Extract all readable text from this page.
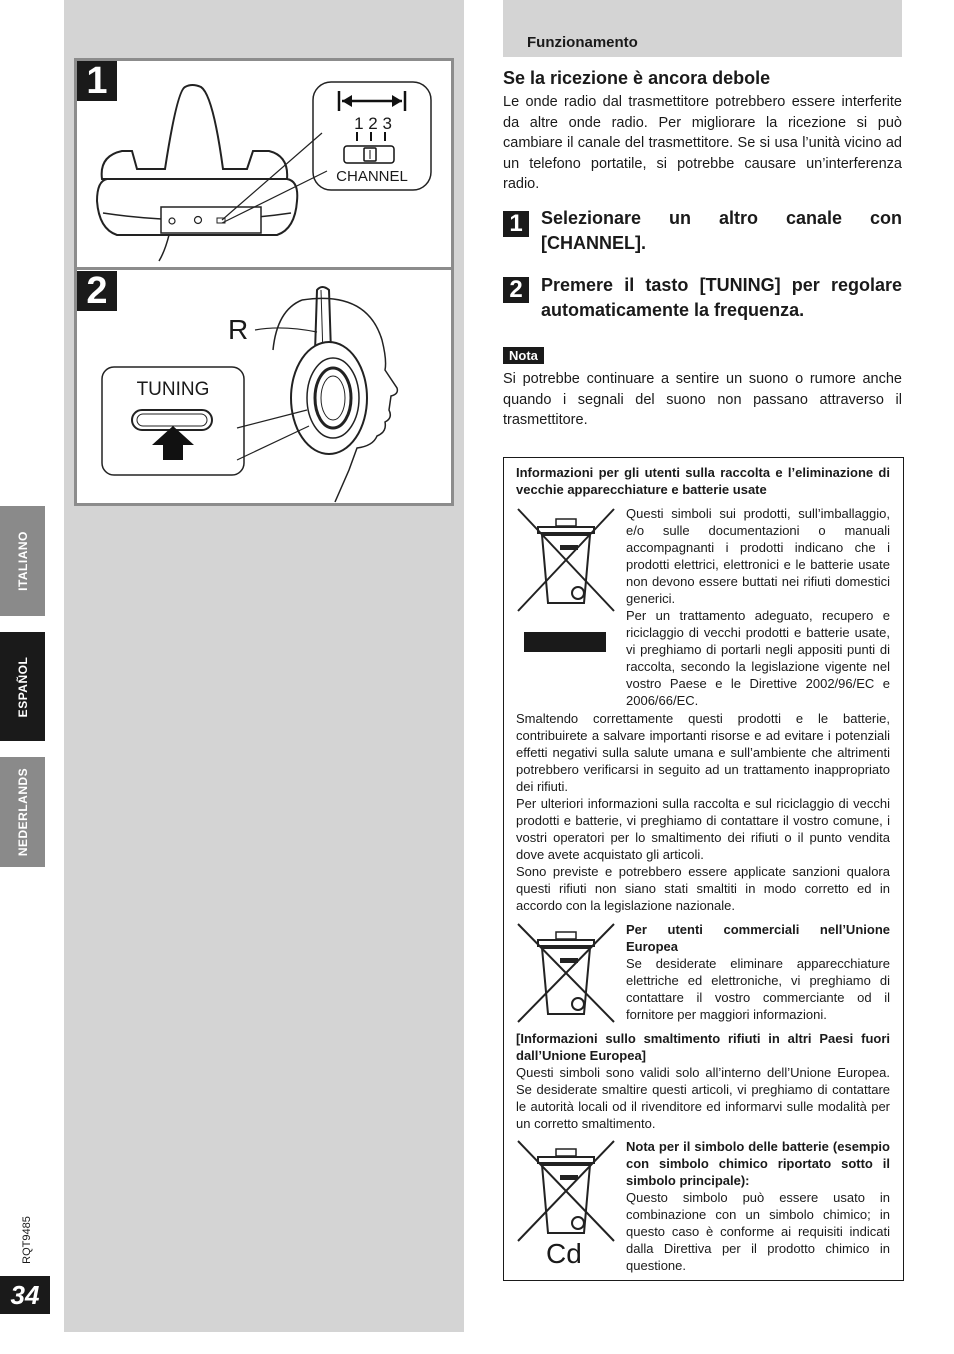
1
1 2 3
CHANNEL
2
R
TUNING
ITALIANO
ESPAÑOL
NEDERLANDS
RQT9485
34
Funzionamento
Se la ricezione è ancora debole
Le onde radio dal trasmettitore potrebbero essere interferite da altre onde radio. Per migliorare la ricezione si può cambiare il canale del trasmettitore. Se si usa l’unità vicino ad un telefono portatile, si potrebbe causare un’interferenza radio.
1	Selezionare un altro canale con [CHANNEL].
2	Premere il tasto [TUNING] per regolare automaticamente la frequenza.
Nota
Si potrebbe continuare a sentire un suono o rumore anche quando i segnali del suono non passano attraverso il trasmettitore.
Informazioni per gli utenti sulla raccolta e l’eliminazione di vecchie apparecchiature e batterie usate
Questi simboli sui prodotti, sull’imballaggio, e/o sulle documentazioni o manuali accompagnanti i prodotti indicano che i prodotti elettrici, elettronici e le batterie usate non devono essere buttati nei rifiuti domestici generici.
Per un trattamento adeguato, recupero e riciclaggio di vecchi prodotti e batterie usate, vi preghiamo di portarli negli appositi punti di raccolta, secondo la legislazione vigente nel vostro Paese e le Direttive 2002/96/EC e 2006/66/EC.
Smaltendo correttamente questi prodotti e le batterie, contribuirete a salvare importanti risorse e ad evitare i potenziali effetti negativi sulla salute umana e sull’ambiente che altrimenti potrebbero verificarsi in seguito ad un trattamento inappropriato dei rifiuti.
Per ulteriori informazioni sulla raccolta e sul riciclaggio di vecchi prodotti e batterie, vi preghiamo di contattare il vostro comune, i vostri operatori per lo smaltimento dei rifiuti o il punto vendita dove avete acquistato gli articoli.
Sono previste e potrebbero essere applicate sanzioni qualora questi rifiuti non siano stati smaltiti in modo corretto ed in accordo con la legislazione nazionale.
Per utenti commerciali nell’Unione Europea
Se desiderate eliminare apparecchiature elettriche ed elettroniche, vi preghiamo di contattare il vostro commerciante od il fornitore per maggiori informazioni.
[Informazioni sullo smaltimento rifiuti in altri Paesi fuori dall’Unione Europea]
Questi simboli sono validi solo all’interno dell’Unione Europea. Se desiderate smaltire questi articoli, vi preghiamo di contattare le autorità locali od il rivenditore ed informarvi sulle modalità per un corretto smaltimento.
Cd
Nota per il simbolo delle batterie (esempio con simbolo chimico riportato sotto il simbolo principale):
Questo simbolo può essere usato in combinazione con un simbolo chimico; in questo caso è conforme ai requisiti indicati dalla Direttiva per il prodotto chimico in questione.
